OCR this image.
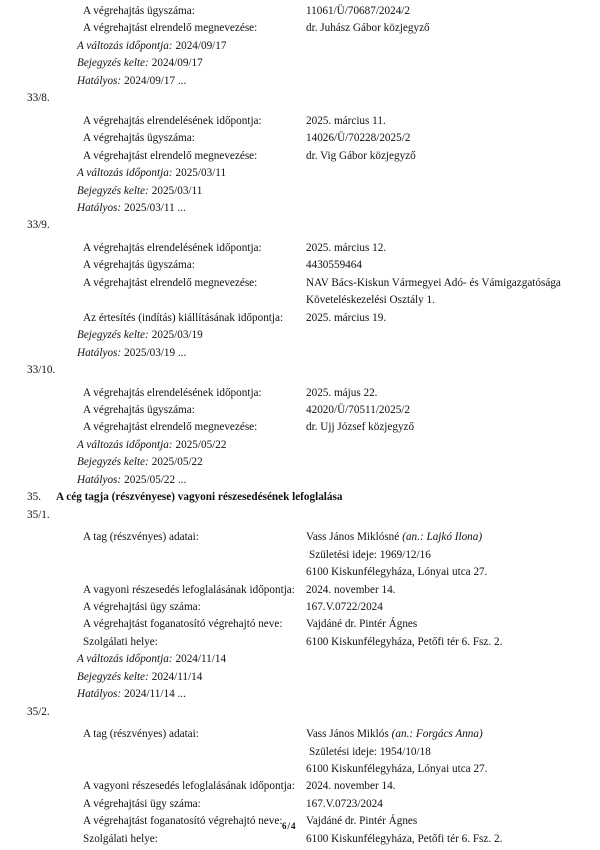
A végrehajtás ügyszáma:	11061/Ü/70687/2024/2
A végrehajtást elrendelő megnevezése:	dr. Juhász Gábor közjegyző
A változás időpontja: 2024/09/17
Bejegyzés kelte: 2024/09/17
Hatályos: 2024/09/17 ...
33/8.
A végrehajtás elrendelésének időpontja:	2025. március 11.
A végrehajtás ügyszáma:	14026/Ü/70228/2025/2
A végrehajtást elrendelő megnevezése:	dr. Vig Gábor közjegyző
A változás időpontja: 2025/03/11
Bejegyzés kelte: 2025/03/11
Hatályos: 2025/03/11 ...
33/9.
A végrehajtás elrendelésének időpontja:	2025. március 12.
A végrehajtás ügyszáma:	4430559464
A végrehajtást elrendelő megnevezése:	NAV Bács-Kiskun Vármegyei Adó- és Vámigazgatósága Követeléskezelési Osztály 1.
Az értesítés (indítás) kiállításának időpontja:	2025. március 19.
Bejegyzés kelte: 2025/03/19
Hatályos: 2025/03/19 ...
33/10.
A végrehajtás elrendelésének időpontja:	2025. május 22.
A végrehajtás ügyszáma:	42020/Ü/70511/2025/2
A végrehajtást elrendelő megnevezése:	dr. Ujj József közjegyző
A változás időpontja: 2025/05/22
Bejegyzés kelte: 2025/05/22
Hatályos: 2025/05/22 ...
35.	A cég tagja (részvényese) vagyoni részesedésének lefoglalása
35/1.
A tag (részvényes) adatai:	Vass János Miklósné (an.: Lajkó Ilona)
Születési ideje: 1969/12/16
6100 Kiskunfélegyháza, Lónyai utca 27.
A vagyoni részesedés lefoglalásának időpontja: 2024. november 14.
A végrehajtási ügy száma:	167.V.0722/2024
A végrehajtást foganatosító végrehajtó neve:	Vajdáné dr. Pintér Ágnes
Szolgálati helye:	6100 Kiskunfélegyháza, Petőfi tér 6. Fsz. 2.
A változás időpontja: 2024/11/14
Bejegyzés kelte: 2024/11/14
Hatályos: 2024/11/14 ...
35/2.
A tag (részvényes) adatai:	Vass János Miklós (an.: Forgács Anna)
Születési ideje: 1954/10/18
6100 Kiskunfélegyháza, Lónyai utca 27.
A vagyoni részesedés lefoglalásának időpontja: 2024. november 14.
A végrehajtási ügy száma:	167.V.0723/2024
A végrehajtást foganatosító végrehajtó neve:	Vajdáné dr. Pintér Ágnes
Szolgálati helye:	6100 Kiskunfélegyháza, Petőfi tér 6. Fsz. 2.
6/4
